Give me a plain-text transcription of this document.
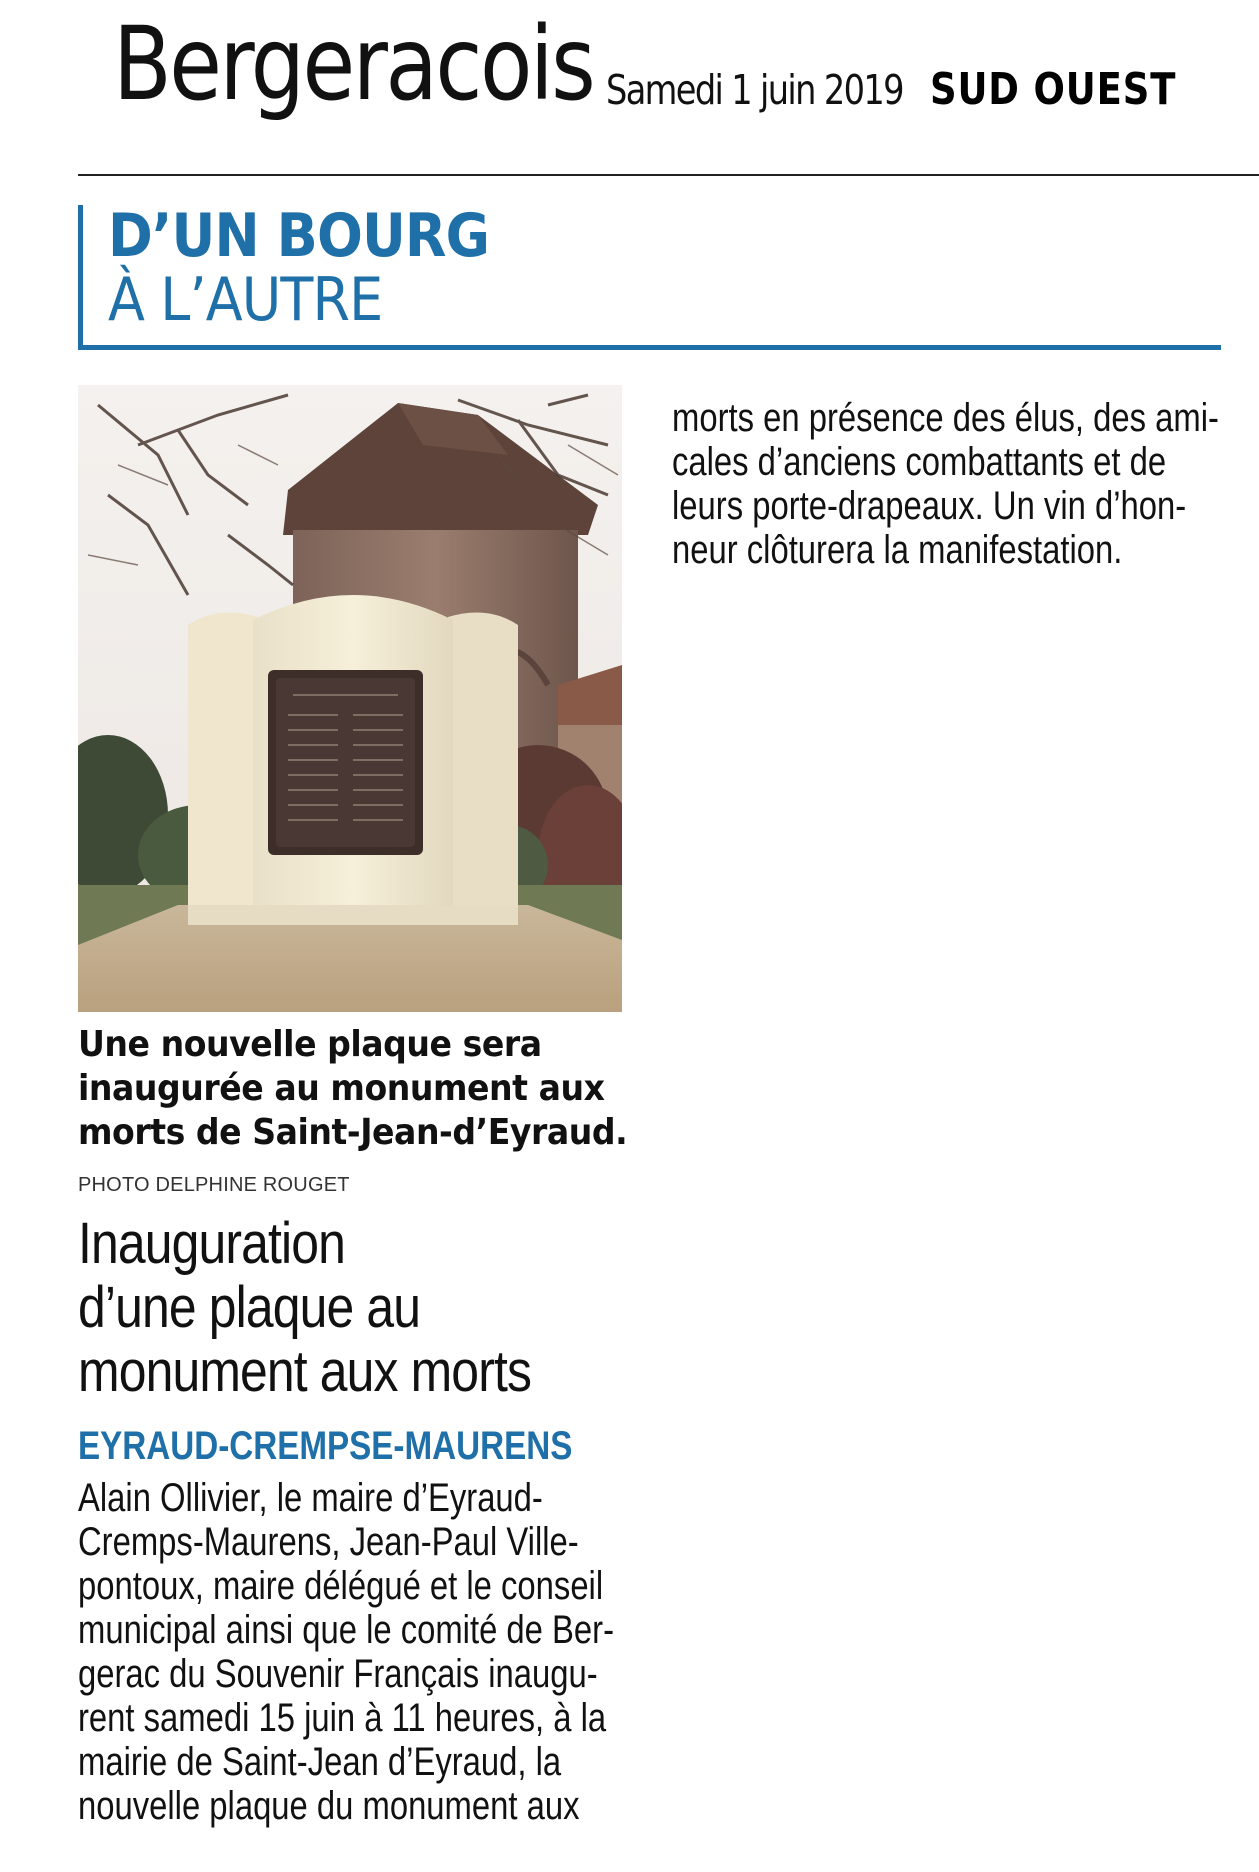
Bergeracois Samedi 1 juin 2019 SUD OUEST
D’UN BOURG
À L’AUTRE
Une nouvelle plaque sera
inaugurée au monument aux
morts de Saint-Jean-d’Eyraud.
PHOTO DELPHINE ROUGET
Inauguration
d’une plaque au
monument aux morts
EYRAUD-CREMPSE-MAURENS
Alain Ollivier, le maire d’Eyraud-
Cremps-Maurens, Jean-Paul Ville-
pontoux, maire délégué et le conseil
municipal ainsi que le comité de Ber-
gerac du Souvenir Français inaugu-
rent samedi 15 juin à 11 heures, à la
mairie de Saint-Jean d’Eyraud, la
nouvelle plaque du monument aux
morts en présence des élus, des ami-
cales d’anciens combattants et de
leurs porte-drapeaux. Un vin d’hon-
neur clôturera la manifestation.
